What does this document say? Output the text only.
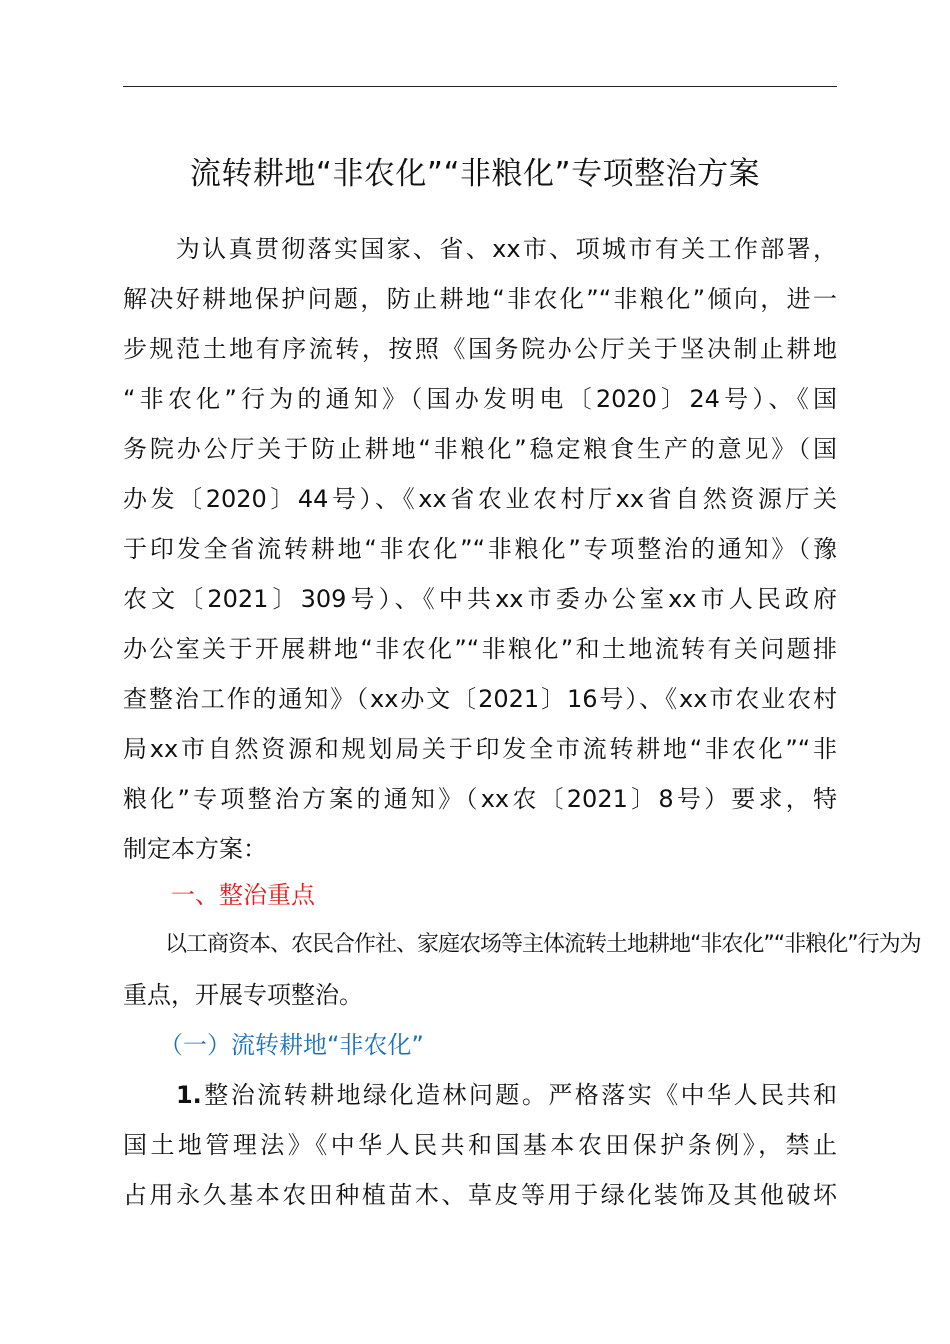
流转耕地“非农化”“非粮化”专项整治方案
　　为认真贯彻落实国家、省、xx市、项城市有关工作部署，
解决好耕地保护问题，防止耕地“非农化”“非粮化”倾向，进一
步规范土地有序流转，按照《国务院办公厅关于坚决制止耕地
“非农化”行为的通知》（国办发明电〔2020〕24号）、《国
务院办公厅关于防止耕地“非粮化”稳定粮食生产的意见》（国
办发〔2020〕44号）、《xx省农业农村厅xx省自然资源厅关
于印发全省流转耕地“非农化”“非粮化”专项整治的通知》（豫
农文〔2021〕309号）、《中共xx市委办公室xx市人民政府
办公室关于开展耕地“非农化”“非粮化”和土地流转有关问题排
查整治工作的通知》（xx办文〔2021〕16号）、《xx市农业农村
局xx市自然资源和规划局关于印发全市流转耕地“非农化”“非
粮化”专项整治方案的通知》（xx农〔2021〕8号）要求，特
制定本方案：
　　一、整治重点
　　以工商资本、农民合作社、家庭农场等主体流转土地耕地“非农化”“非粮化”行为为
重点，开展专项整治。
　　（一）流转耕地“非农化”
　　1.整治流转耕地绿化造林问题。严格落实《中华人民共和
国土地管理法》《中华人民共和国基本农田保护条例》，禁止
占用永久基本农田种植苗木、草皮等用于绿化装饰及其他破坏
